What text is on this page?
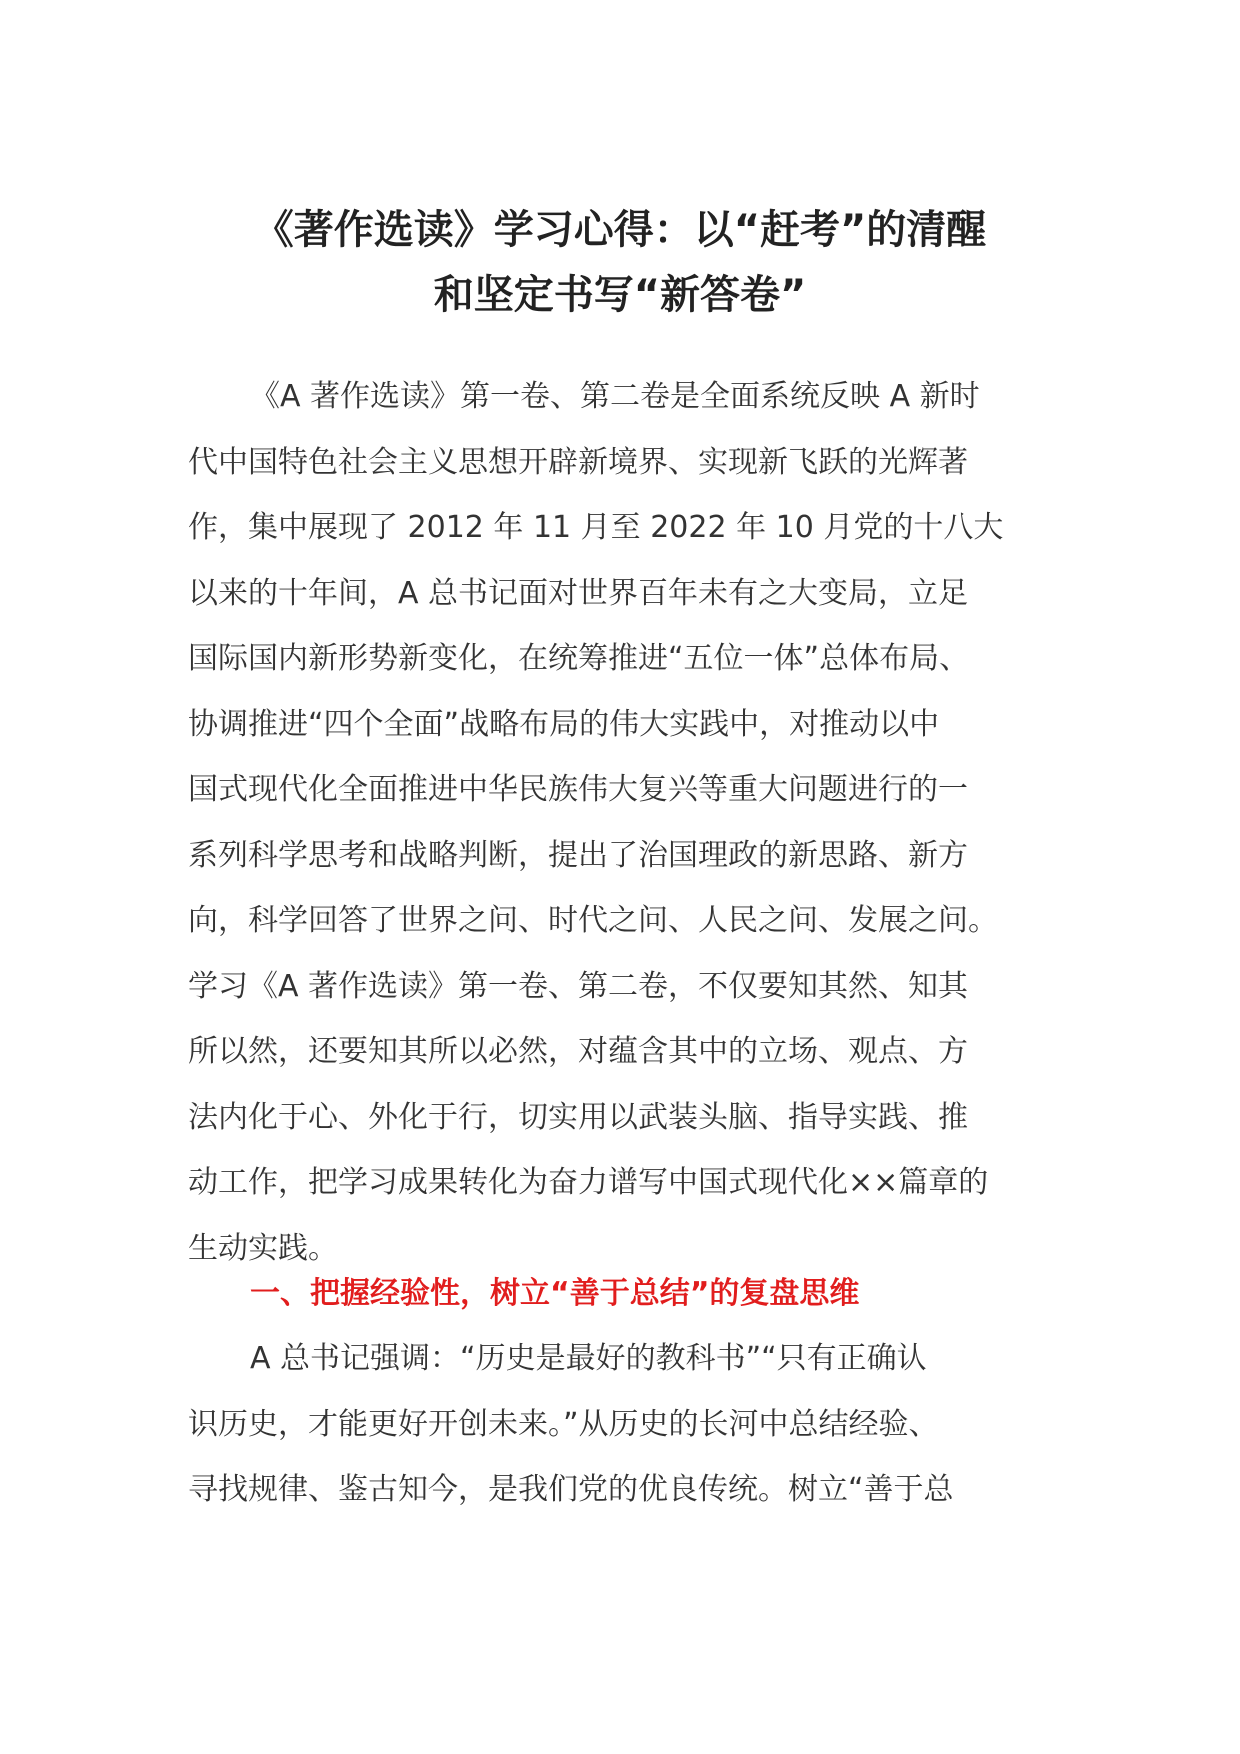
《著作选读》学习心得：以“赶考”的清醒
和坚定书写“新答卷”

《A 著作选读》第一卷、第二卷是全面系统反映 A 新时
代中国特色社会主义思想开辟新境界、实现新飞跃的光辉著
作，集中展现了 2012 年 11 月至 2022 年 10 月党的十八大
以来的十年间，A 总书记面对世界百年未有之大变局，立足
国际国内新形势新变化，在统筹推进“五位一体”总体布局、
协调推进“四个全面”战略布局的伟大实践中，对推动以中
国式现代化全面推进中华民族伟大复兴等重大问题进行的一
系列科学思考和战略判断，提出了治国理政的新思路、新方
向，科学回答了世界之问、时代之问、人民之问、发展之问。
学习《A 著作选读》第一卷、第二卷，不仅要知其然、知其
所以然，还要知其所以必然，对蕴含其中的立场、观点、方
法内化于心、外化于行，切实用以武装头脑、指导实践、推
动工作，把学习成果转化为奋力谱写中国式现代化××篇章的
生动实践。

一、把握经验性，树立“善于总结”的复盘思维

A 总书记强调：“历史是最好的教科书”“只有正确认
识历史，才能更好开创未来。”从历史的长河中总结经验、
寻找规律、鉴古知今，是我们党的优良传统。树立“善于总
